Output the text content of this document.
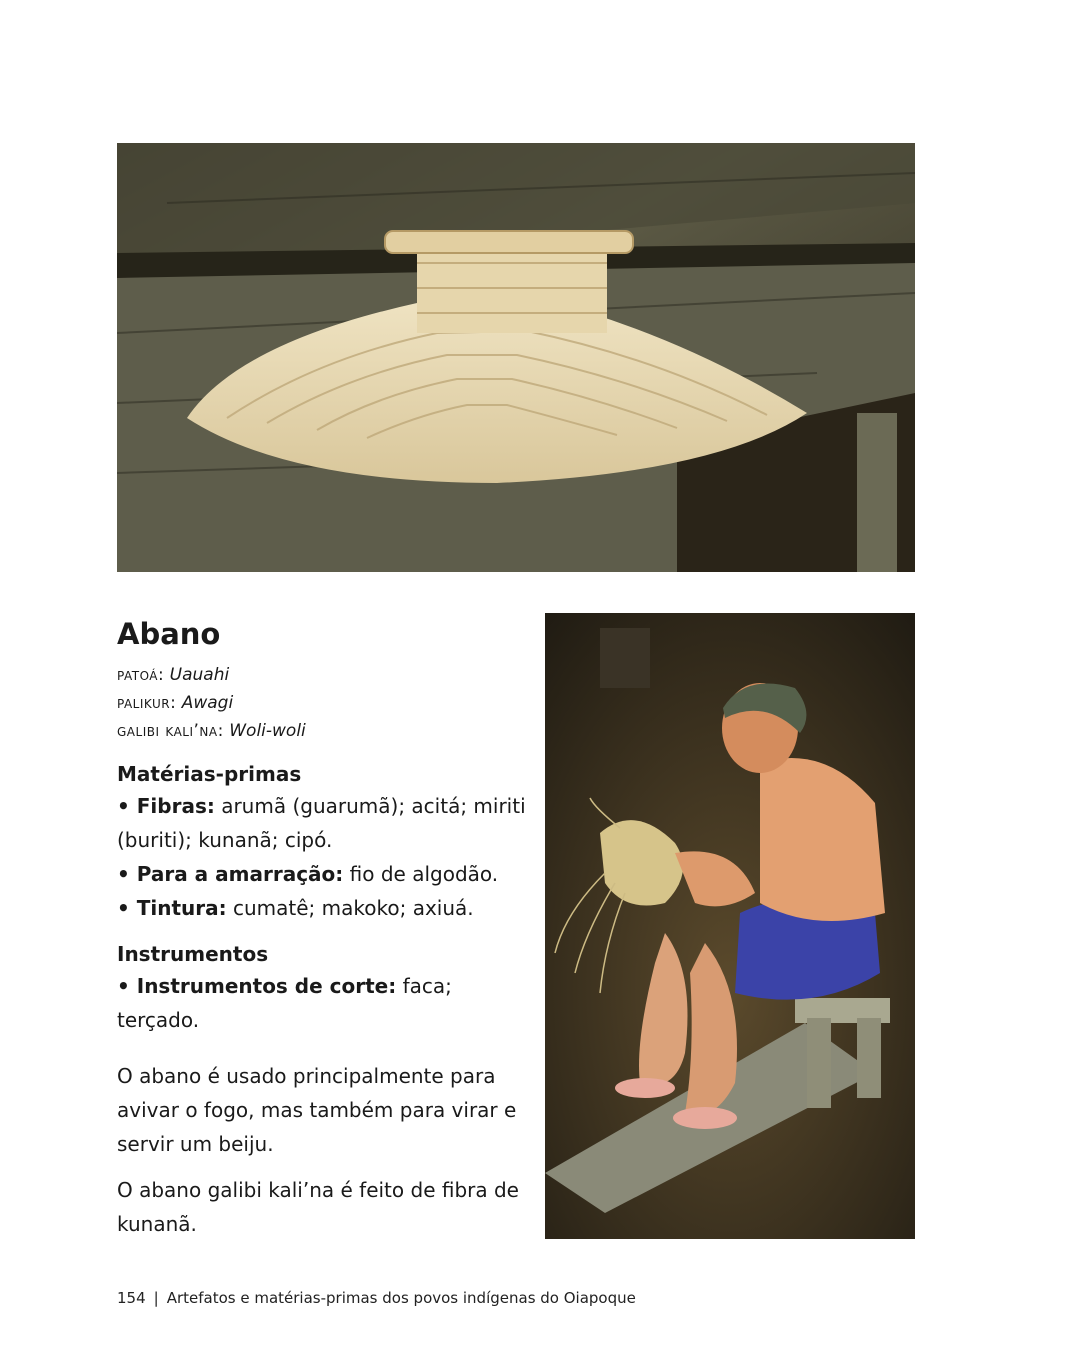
Abano
patoá: Uauahi
palikur: Awagi
galibi kali’na: Woli-woli
Matérias-primas
• Fibras: arumã (guarumã); acitá; miriti (buriti); kunanã; cipó.
• Para a amarração: fio de algodão.
• Tintura: cumatê; makoko; axiuá.
Instrumentos
• Instrumentos de corte: faca; terçado.
O abano é usado principalmente para avivar o fogo, mas também para virar e servir um beiju.
O abano galibi kali’na é feito de fibra de kunanã.
154 | Artefatos e matérias-primas dos povos indígenas do Oiapoque
